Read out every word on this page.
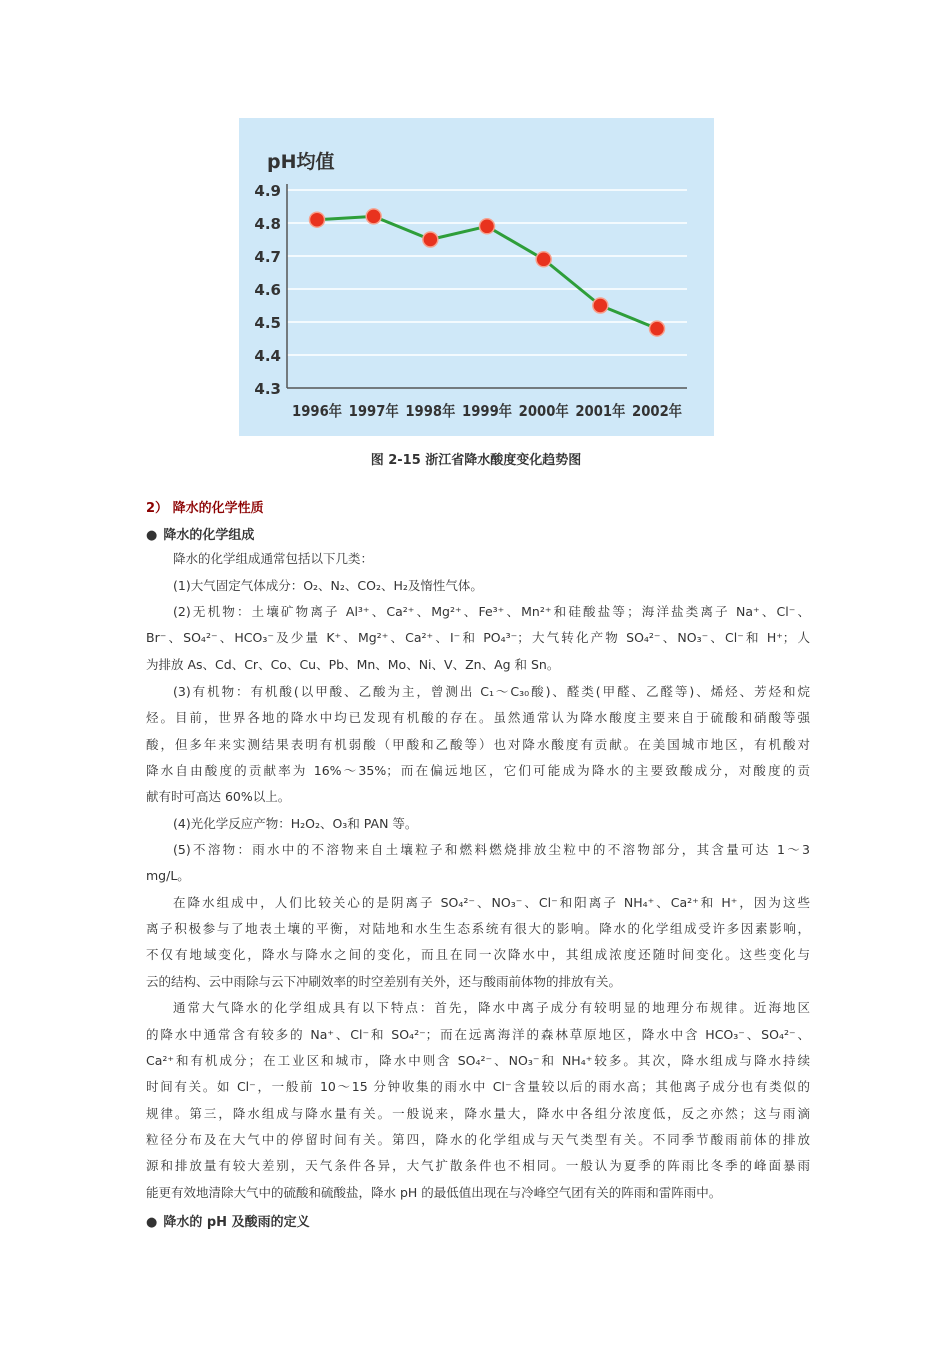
pH均值
4.9
4.8
4.7
4.6
4.5
4.4
4.3
1996年 1997年 1998年 1999年 2000年 2001年 2002年
图 2-15 浙江省降水酸度变化趋势图
2） 降水的化学性质
● 降水的化学组成
降水的化学组成通常包括以下几类：
(1)大气固定气体成分：O₂、N₂、CO₂、H₂及惰性气体。
(2)无机物：土壤矿物离子 Al³⁺、Ca²⁺、Mg²⁺、Fe³⁺、Mn²⁺和硅酸盐等；海洋盐类离子 Na⁺、Cl⁻、
Br⁻、SO₄²⁻、HCO₃⁻及少量 K⁺、Mg²⁺、Ca²⁺、I⁻和 PO₄³⁻；大气转化产物 SO₄²⁻、NO₃⁻、Cl⁻和 H⁺；人
为排放 As、Cd、Cr、Co、Cu、Pb、Mn、Mo、Ni、V、Zn、Ag 和 Sn。
(3)有机物：有机酸(以甲酸、乙酸为主，曾测出 C₁～C₃₀酸)、醛类(甲醛、乙醛等)、烯烃、芳烃和烷
烃。目前，世界各地的降水中均已发现有机酸的存在。虽然通常认为降水酸度主要来自于硫酸和硝酸等强
酸，但多年来实测结果表明有机弱酸（甲酸和乙酸等）也对降水酸度有贡献。在美国城市地区，有机酸对
降水自由酸度的贡献率为 16%～35%；而在偏远地区，它们可能成为降水的主要致酸成分，对酸度的贡
献有时可高达 60%以上。
(4)光化学反应产物：H₂O₂、O₃和 PAN 等。
(5)不溶物：雨水中的不溶物来自土壤粒子和燃料燃烧排放尘粒中的不溶物部分，其含量可达 1～3
mg/L。
在降水组成中，人们比较关心的是阴离子 SO₄²⁻、NO₃⁻、Cl⁻和阳离子 NH₄⁺、Ca²⁺和 H⁺，因为这些
离子积极参与了地表土壤的平衡，对陆地和水生生态系统有很大的影响。降水的化学组成受许多因素影响，
不仅有地域变化，降水与降水之间的变化，而且在同一次降水中，其组成浓度还随时间变化。这些变化与
云的结构、云中雨除与云下冲刷效率的时空差别有关外，还与酸雨前体物的排放有关。
通常大气降水的化学组成具有以下特点：首先，降水中离子成分有较明显的地理分布规律。近海地区
的降水中通常含有较多的 Na⁺、Cl⁻和 SO₄²⁻；而在远离海洋的森林草原地区，降水中含 HCO₃⁻、SO₄²⁻、
Ca²⁺和有机成分；在工业区和城市，降水中则含 SO₄²⁻、NO₃⁻和 NH₄⁺较多。其次，降水组成与降水持续
时间有关。如 Cl⁻，一般前 10～15 分钟收集的雨水中 Cl⁻含量较以后的雨水高；其他离子成分也有类似的
规律。第三，降水组成与降水量有关。一般说来，降水量大，降水中各组分浓度低，反之亦然；这与雨滴
粒径分布及在大气中的停留时间有关。第四，降水的化学组成与天气类型有关。不同季节酸雨前体的排放
源和排放量有较大差别，天气条件各异，大气扩散条件也不相同。一般认为夏季的阵雨比冬季的峰面暴雨
能更有效地清除大气中的硫酸和硫酸盐，降水 pH 的最低值出现在与冷峰空气团有关的阵雨和雷阵雨中。
● 降水的 pH 及酸雨的定义
